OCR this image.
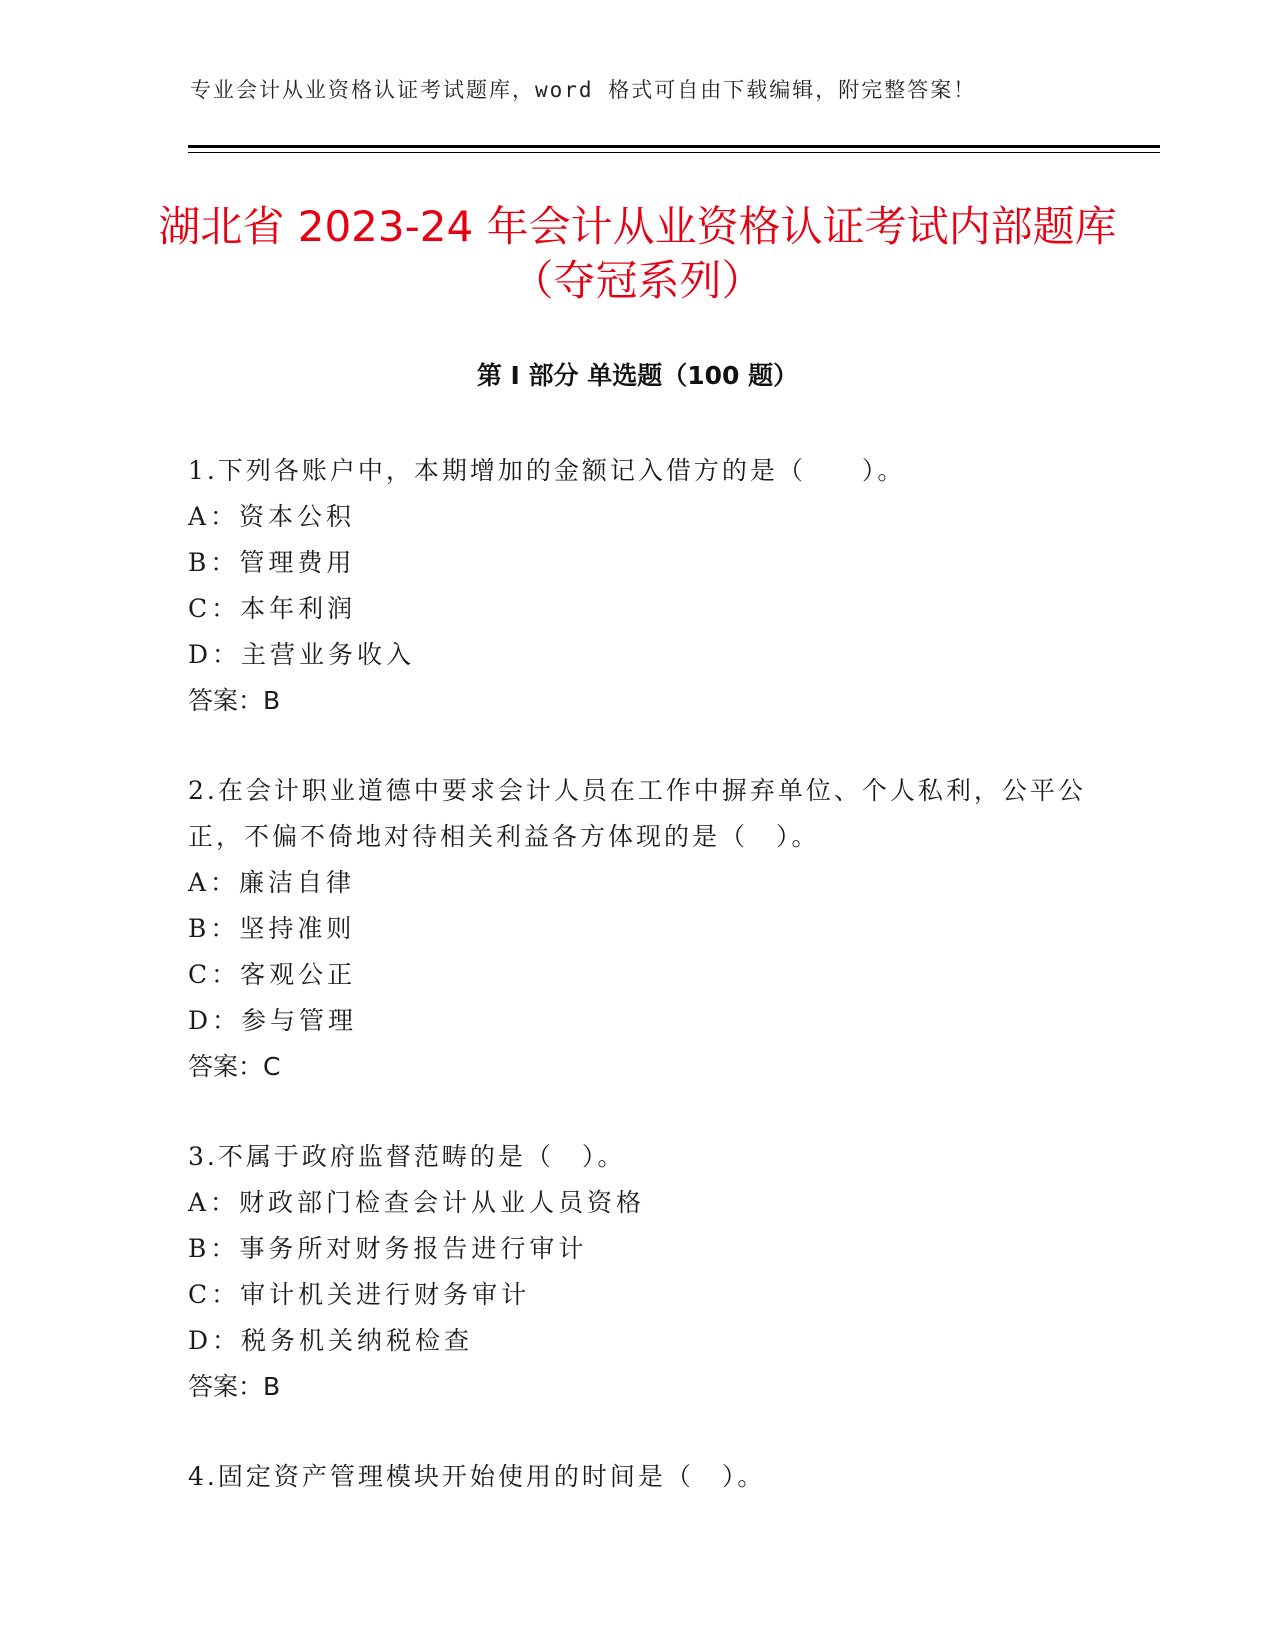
专业会计从业资格认证考试题库，word 格式可自由下载编辑，附完整答案！
湖北省 2023-24 年会计从业资格认证考试内部题库（夺冠系列）
第 I 部分 单选题（100 题）

1.下列各账户中，本期增加的金额记入借方的是（　　）。

A：资本公积

B：管理费用

C：本年利润

D：主营业务收入

答案：B

2.在会计职业道德中要求会计人员在工作中摒弃单位、个人私利，公平公正，不偏不倚地对待相关利益各方体现的是（　）。

A：廉洁自律

B：坚持准则

C：客观公正

D：参与管理

答案：C

3.不属于政府监督范畴的是（　）。

A：财政部门检查会计从业人员资格

B：事务所对财务报告进行审计

C：审计机关进行财务审计

D：税务机关纳税检查

答案：B

4.固定资产管理模块开始使用的时间是（　）。
